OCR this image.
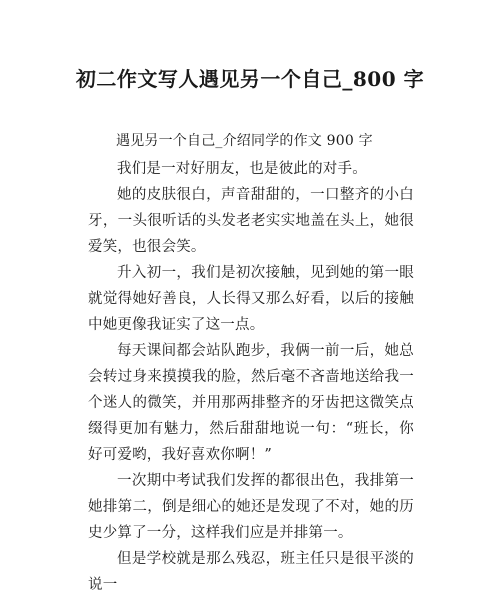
初二作文写人遇见另一个自己_800 字

遇见另一个自己_介绍同学的作文 900 字

我们是一对好朋友，也是彼此的对手。

她的皮肤很白，声音甜甜的，一口整齐的小白牙，一头很听话的头发老老实实地盖在头上，她很爱笑，也很会笑。

升入初一，我们是初次接触，见到她的第一眼就觉得她好善良，人长得又那么好看，以后的接触中她更像我证实了这一点。

每天课间都会站队跑步，我俩一前一后，她总会转过身来摸摸我的脸，然后毫不吝啬地送给我一个迷人的微笑，并用那两排整齐的牙齿把这微笑点缀得更加有魅力，然后甜甜地说一句：“班长，你好可爱哟，我好喜欢你啊！”

一次期中考试我们发挥的都很出色，我排第一她排第二，倒是细心的她还是发现了不对，她的历史少算了一分，这样我们应是并排第一。

但是学校就是那么残忍，班主任只是很平淡的说一
